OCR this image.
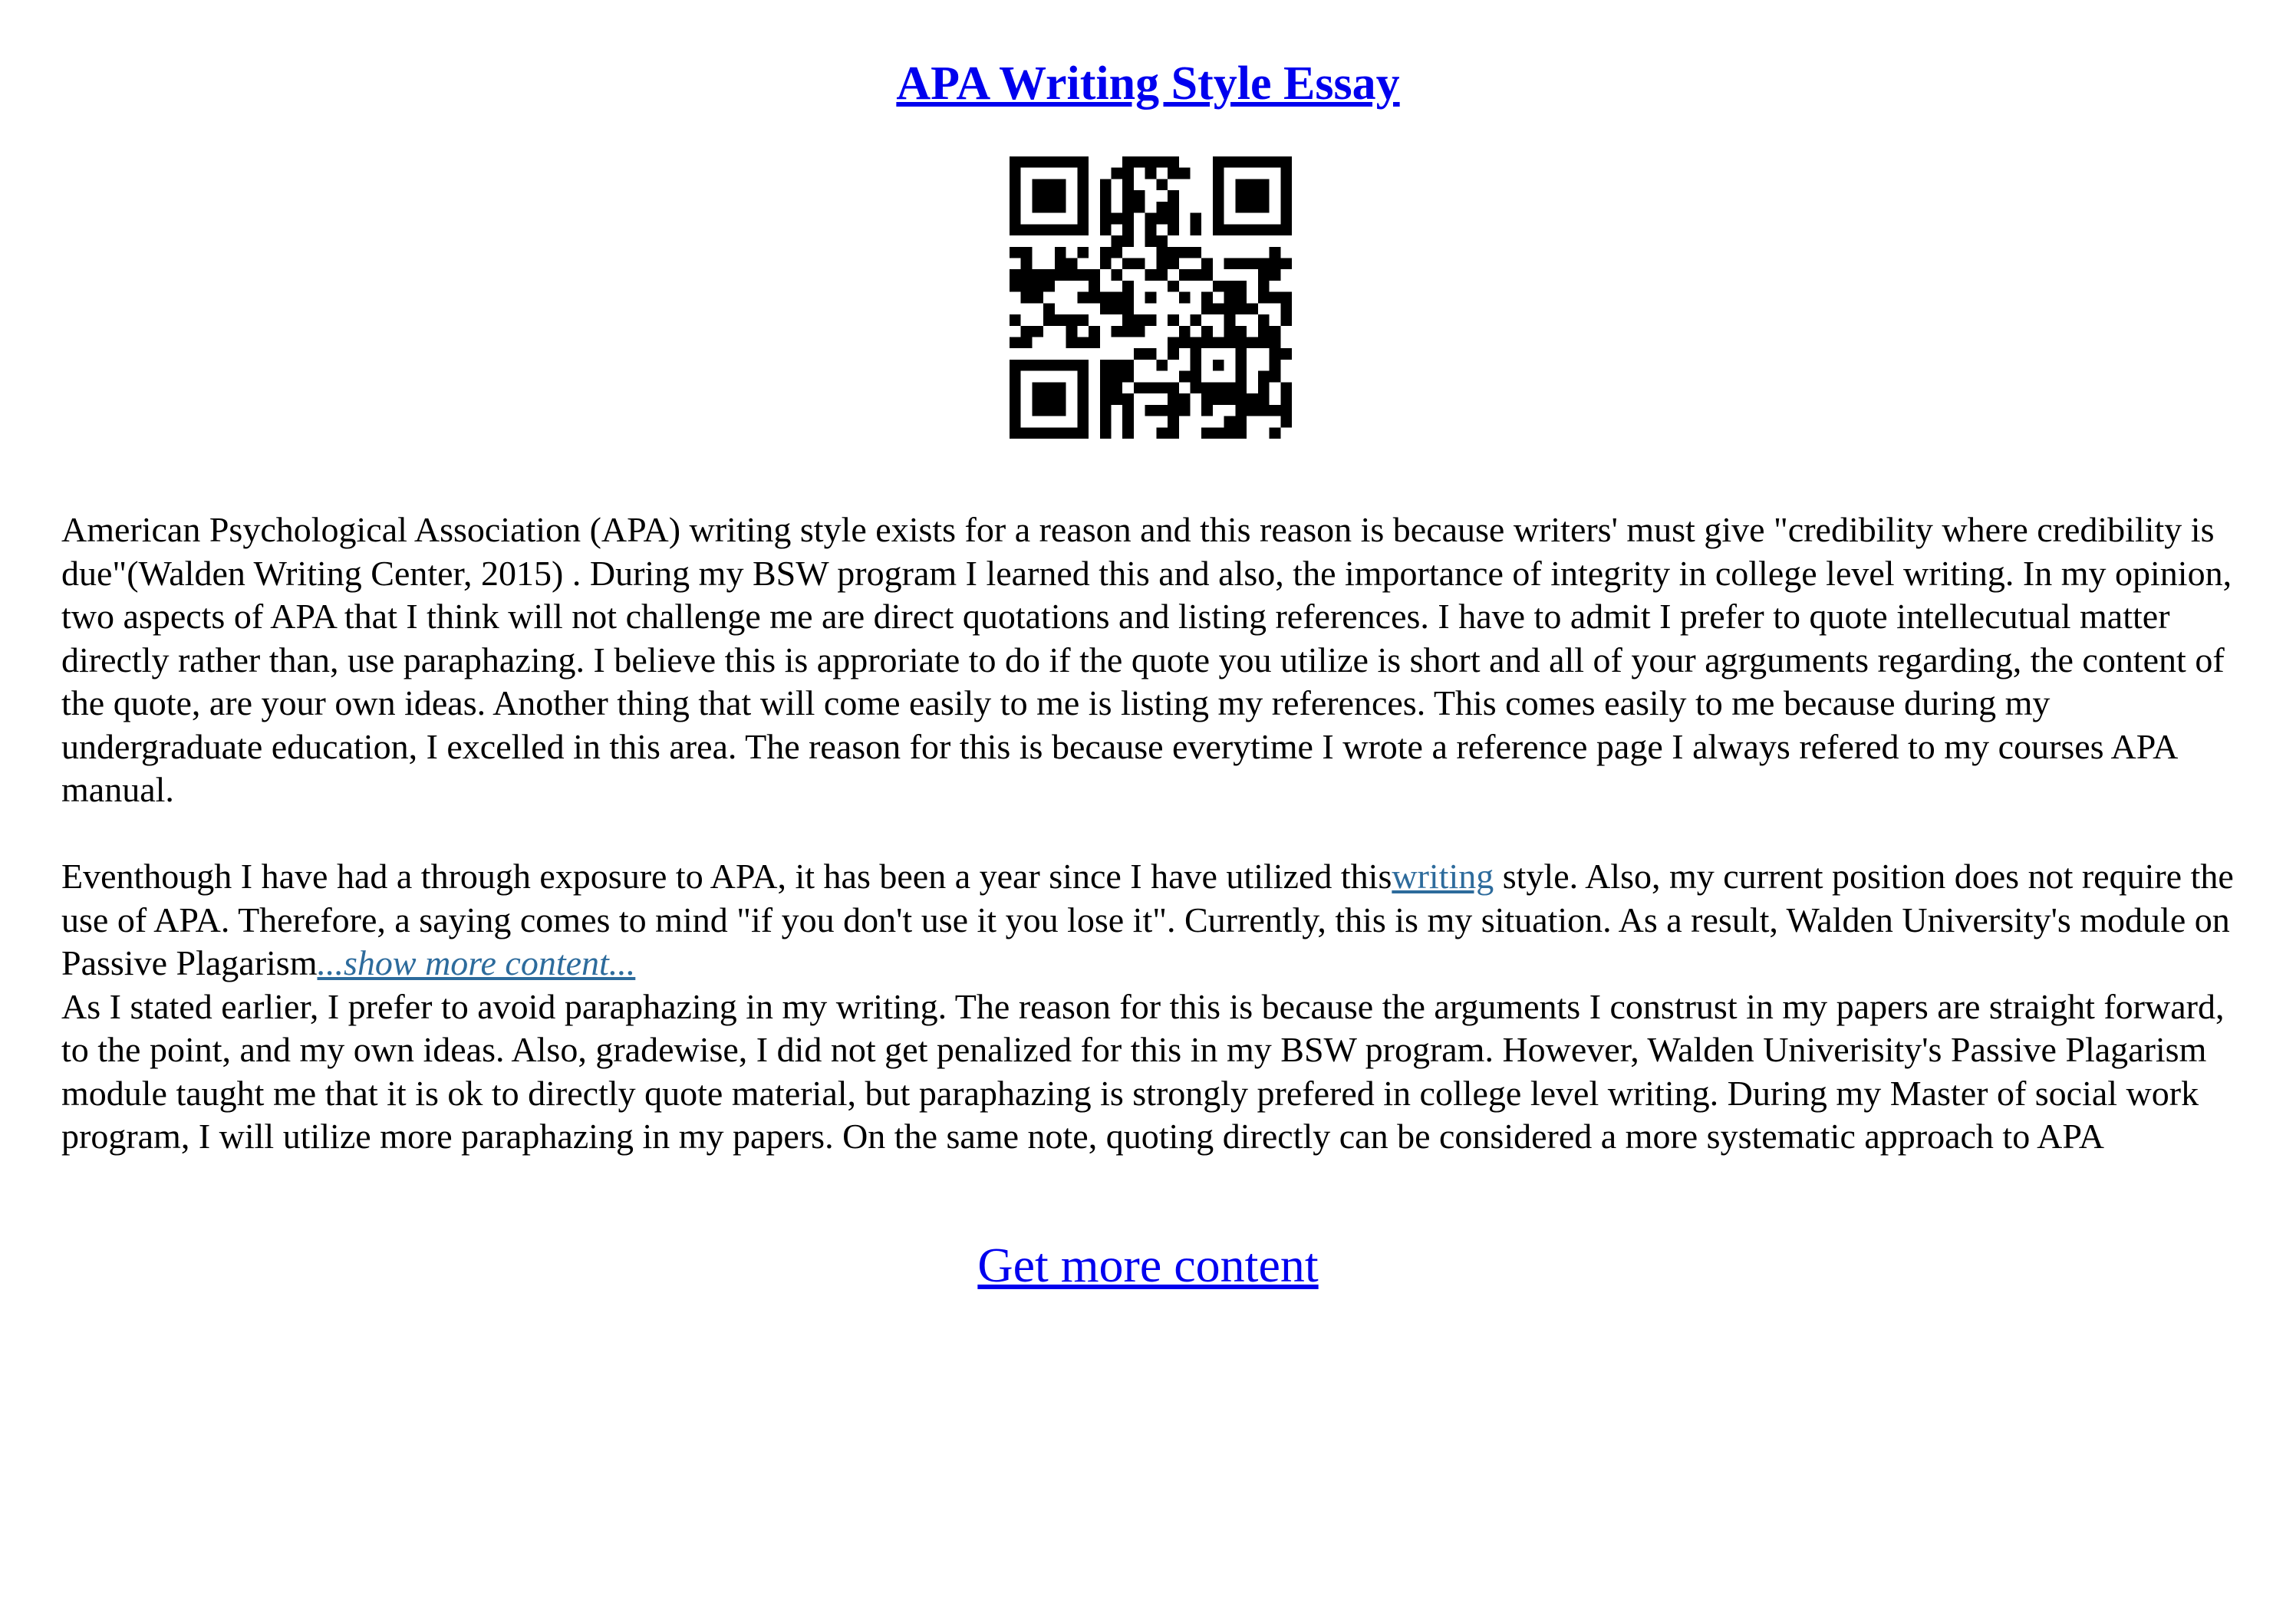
APA Writing Style Essay

American Psychological Association (APA) writing style exists for a reason and this reason is because writers' must give "credibility where credibility is due"(Walden Writing Center, 2015) . During my BSW program I learned this and also, the importance of integrity in college level writing. In my opinion, two aspects of APA that I think will not challenge me are direct quotations and listing references. I have to admit I prefer to quote intellecutual matter directly rather than, use paraphazing. I believe this is approriate to do if the quote you utilize is short and all of your agrguments regarding, the content of the quote, are your own ideas. Another thing that will come easily to me is listing my references. This comes easily to me because during my undergraduate education, I excelled in this area. The reason for this is because everytime I wrote a reference page I always refered to my courses APA manual.

Eventhough I have had a through exposure to APA, it has been a year since I have utilized thiswriting style. Also, my current position does not require the use of APA. Therefore, a saying comes to mind "if you don't use it you lose it". Currently, this is my situation. As a result, Walden University's module on Passive Plagarism...show more content...

As I stated earlier, I prefer to avoid paraphazing in my writing. The reason for this is because the arguments I construst in my papers are straight forward, to the point, and my own ideas. Also, gradewise, I did not get penalized for this in my BSW program. However, Walden Univerisity's Passive Plagarism module taught me that it is ok to directly quote material, but paraphazing is strongly prefered in college level writing. During my Master of social work program, I will utilize more paraphazing in my papers. On the same note, quoting directly can be considered a more systematic approach to APA

Get more content
